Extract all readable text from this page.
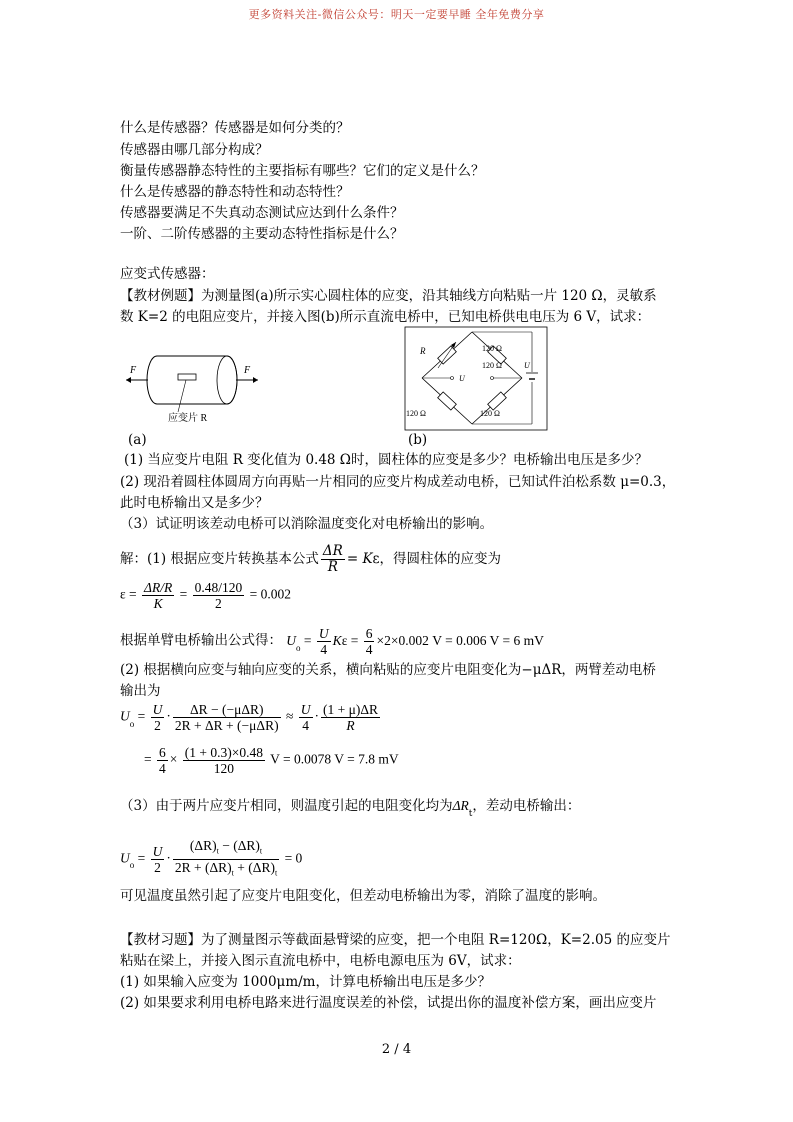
更多资料关注-微信公众号：明天一定要早睡 全年免费分享
什么是传感器？传感器是如何分类的？
传感器由哪几部分构成？
衡量传感器静态特性的主要指标有哪些？它们的定义是什么？
什么是传感器的静态特性和动态特性？
传感器要满足不失真动态测试应达到什么条件？
一阶、二阶传感器的主要动态特性指标是什么？
应变式传感器：
【教材例题】为测量图(a)所示实心圆柱体的应变，沿其轴线方向粘贴一片 120 Ω，灵敏系
数 K=2 的电阻应变片，并接入图(b)所示直流电桥中，已知电桥供电电压为 6 V，试求：
F	F
应变片 R
R	120 Ω
120 Ω	120 Ω
120 Ω
U
U
(a)	(b)
(1) 当应变片电阻 R 变化值为 0.48 Ω时，圆柱体的应变是多少？电桥输出电压是多少？
(2) 现沿着圆柱体圆周方向再贴一片相同的应变片构成差动电桥，已知试件泊松系数 μ=0.3，
此时电桥输出又是多少？
（3）试证明该差动电桥可以消除温度变化对电桥输出的影响。
解：(1) 根据应变片转换基本公式 $\frac{\Delta R}{R} = K\varepsilon$，得圆柱体的应变为
$\varepsilon = \frac{\Delta R/R}{K} = \frac{0.48/120}{2} = 0.002$
根据单臂电桥输出公式得： $U_o = \frac{U}{4}$ $K\varepsilon = \frac{6}{4} \times 2\times 0.002$ V = 0.006 V = 6 mV
(2) 根据横向应变与轴向应变的关系，横向粘贴的应变片电阻变化为−μΔR，两臂差动电桥
输出为
$U_o = \frac{U}{2} \cdot \frac{\text{ΔR − (−μΔR)}}{\text{2R + ΔR + (−μΔR)}} \approx \frac{U}{4} \cdot \frac{(1 + \mu)\Delta R}{R}$
= $\frac{6}{4} \times \frac{(1 + 0.3)\times 0.48}{120}$ V = 0.0078 V = 7.8 mV
（3）由于两片应变片相同，则温度引起的电阻变化均为$\Delta R_t$，差动电桥输出：
$U_o = \frac{U}{2} \cdot \frac{(\Delta R)_t - (\Delta R)_t}{2R + (\Delta R)_t + (\Delta R)_t} = 0$
可见温度虽然引起了应变片电阻变化，但差动电桥输出为零，消除了温度的影响。
【教材习题】为了测量图示等截面悬臂梁的应变，把一个电阻 R=120Ω，K=2.05 的应变片
粘贴在梁上，并接入图示直流电桥中，电桥电源电压为 6V，试求：
(1) 如果输入应变为 1000μm/m，计算电桥输出电压是多少？
(2) 如果要求利用电桥电路来进行温度误差的补偿，试提出你的温度补偿方案，画出应变片
2 / 4
